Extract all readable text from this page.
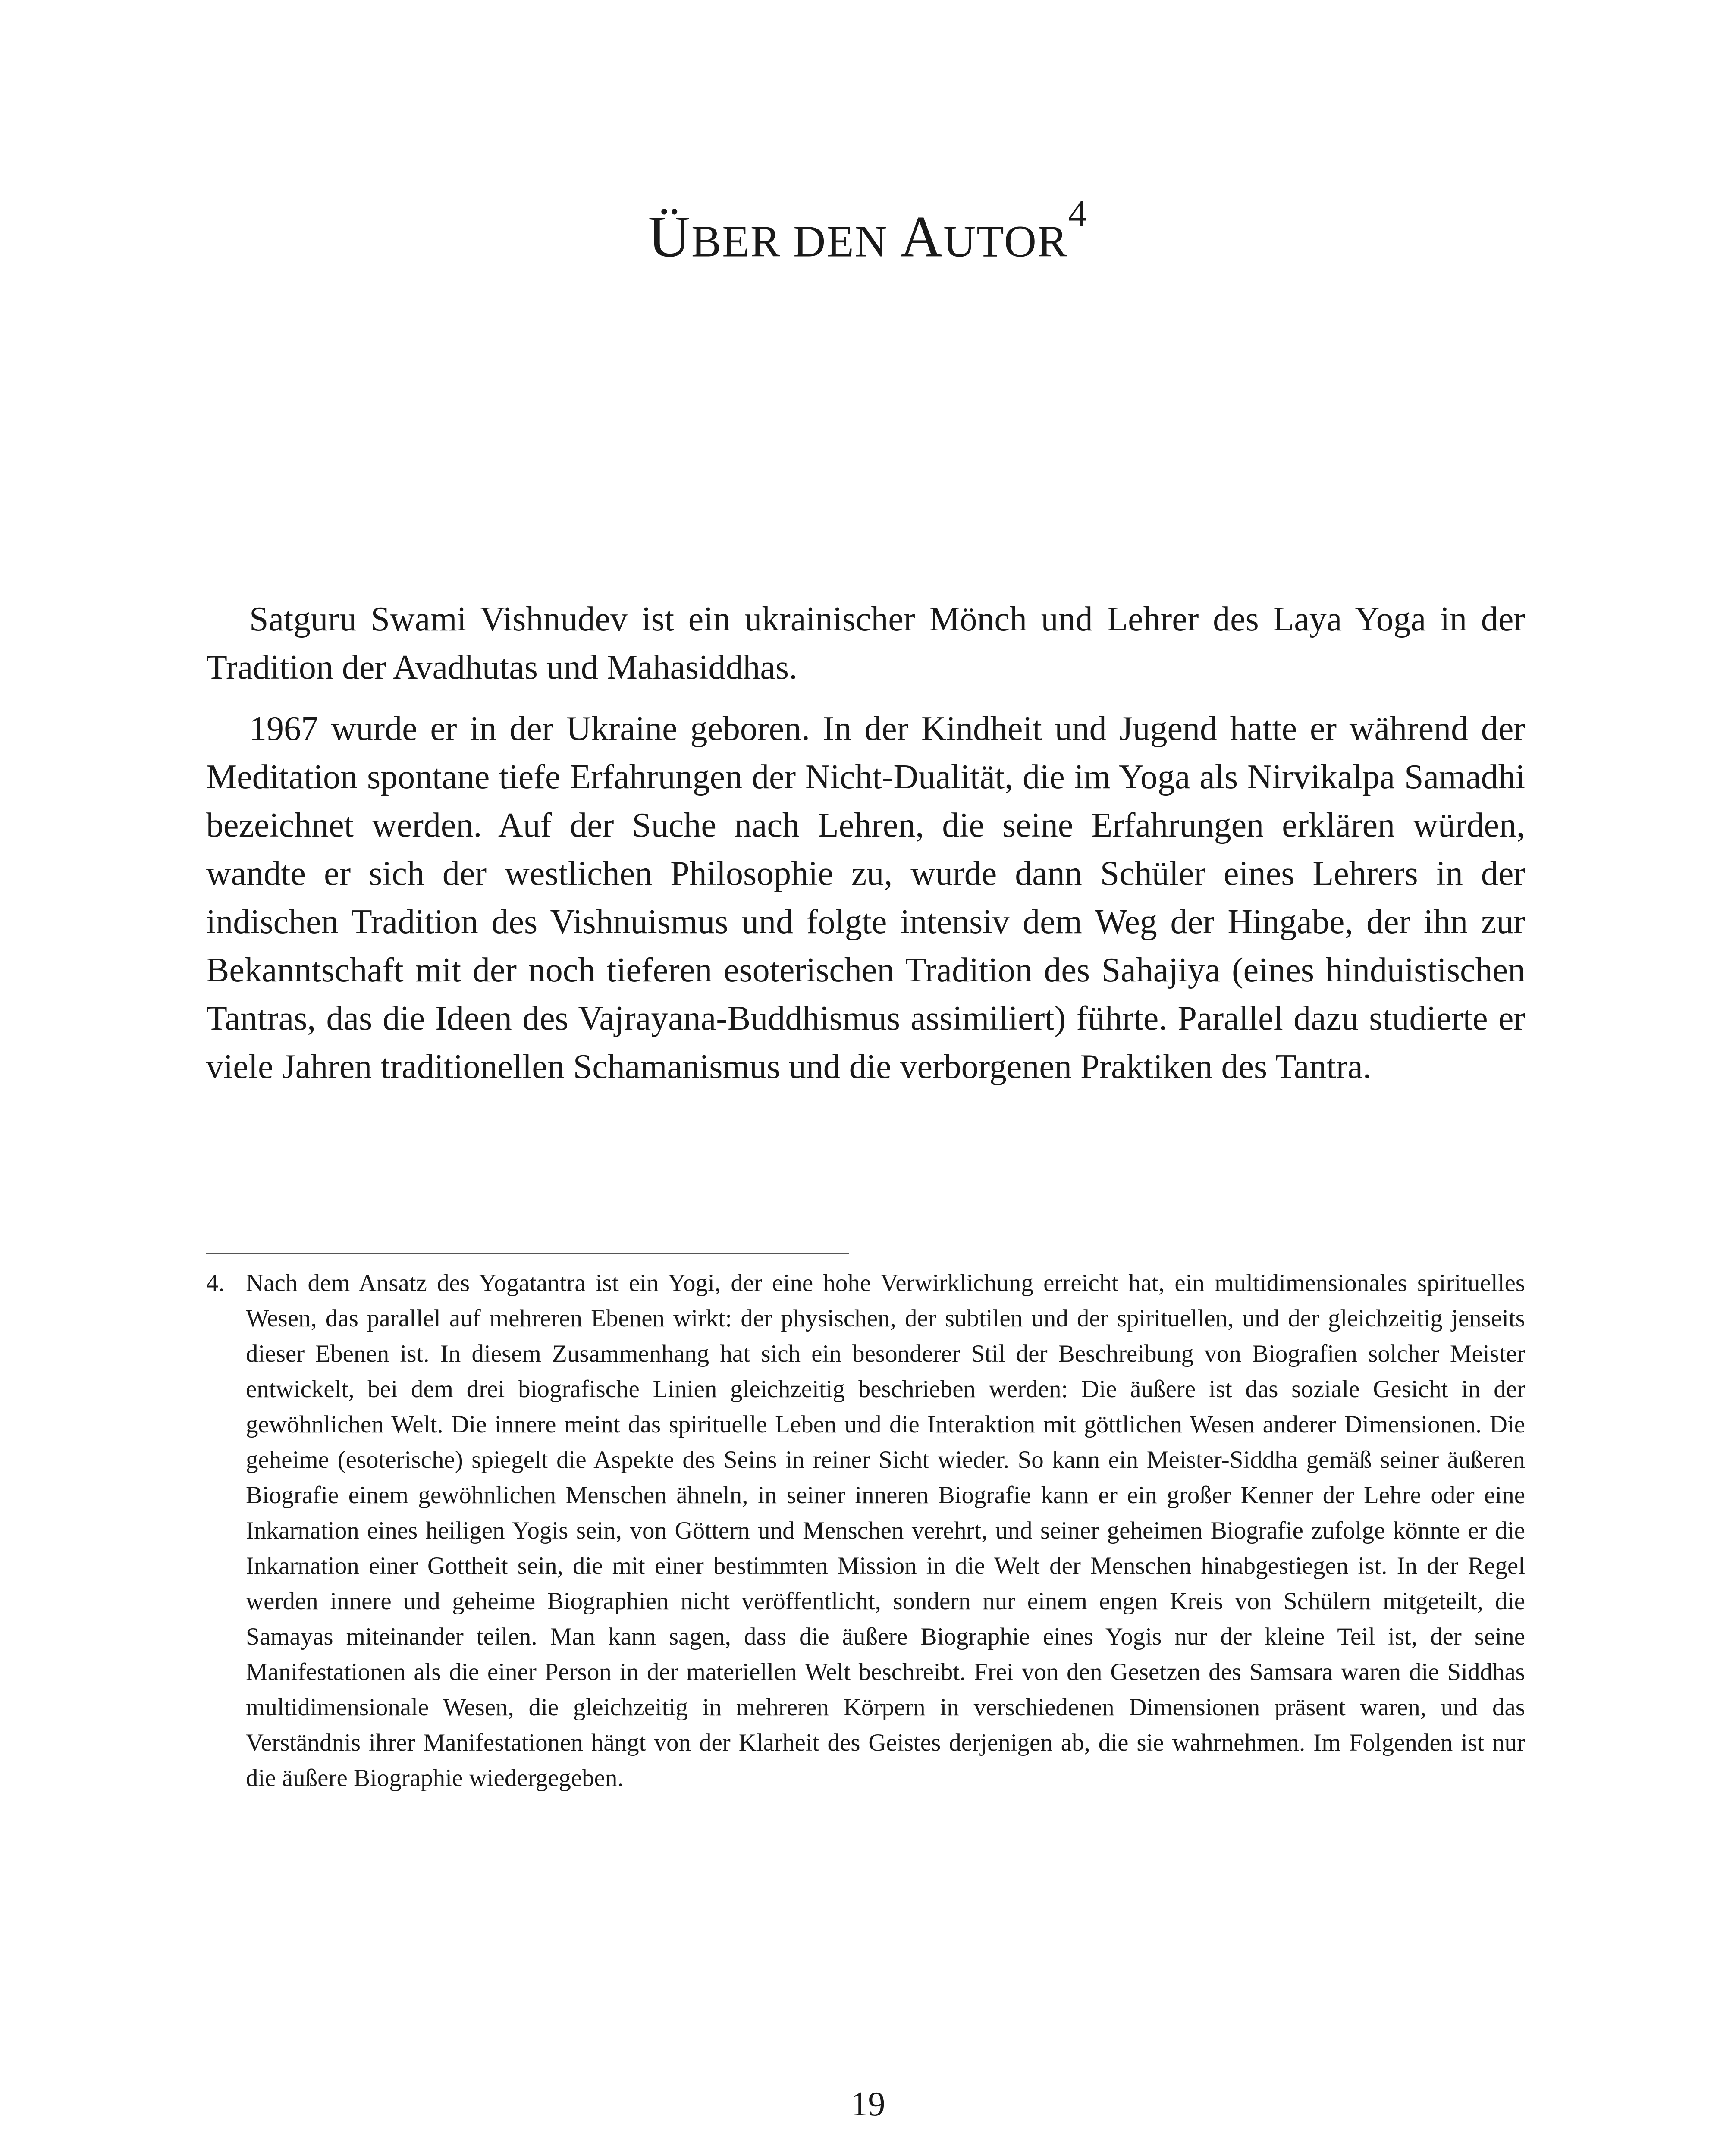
ÜBER DEN AUTOR$^4$

Satguru Swami Vishnudev ist ein ukrainischer Mönch und Lehrer des Laya Yoga in der Tradition der Avadhutas und Mahasiddhas.

1967 wurde er in der Ukraine geboren. In der Kindheit und Jugend hatte er während der Meditation spontane tiefe Erfahrungen der Nicht-Dualität, die im Yoga als Nirvikalpa Samadhi bezeichnet werden. Auf der Suche nach Lehren, die seine Erfahrungen erklären würden, wandte er sich der westlichen Philosophie zu, wurde dann Schüler eines Lehrers in der indischen Tradition des Vishnuismus und folgte intensiv dem Weg der Hingabe, der ihn zur Bekanntschaft mit der noch tieferen esoterischen Tradition des Sahajiya (eines hinduistischen Tantras, das die Ideen des Vajrayana-Buddhismus assimiliert) führte. Parallel dazu studierte er viele Jahren traditionellen Schamanismus und die verborgenen Praktiken des Tantra.

4. Nach dem Ansatz des Yogatantra ist ein Yogi, der eine hohe Verwirklichung erreicht hat, ein multidimensionales spirituelles Wesen, das parallel auf mehreren Ebenen wirkt: der physischen, der subtilen und der spirituellen, und der gleichzeitig jenseits dieser Ebenen ist. In diesem Zusammenhang hat sich ein besonderer Stil der Beschreibung von Biografien solcher Meister entwickelt, bei dem drei biografische Linien gleichzeitig beschrieben werden: Die äußere ist das soziale Gesicht in der gewöhnlichen Welt. Die innere meint das spirituelle Leben und die Interaktion mit göttlichen Wesen anderer Dimensionen. Die geheime (esoterische) spiegelt die Aspekte des Seins in reiner Sicht wieder. So kann ein Meister-Siddha gemäß seiner äußeren Biografie einem gewöhnlichen Menschen ähneln, in seiner inneren Biografie kann er ein großer Kenner der Lehre oder eine Inkarnation eines heiligen Yogis sein, von Göttern und Menschen verehrt, und seiner geheimen Biografie zufolge könnte er die Inkarnation einer Gottheit sein, die mit einer bestimmten Mission in die Welt der Menschen hinabgestiegen ist. In der Regel werden innere und geheime Biographien nicht veröffentlicht, sondern nur einem engen Kreis von Schülern mitgeteilt, die Samayas miteinander teilen. Man kann sagen, dass die äußere Biographie eines Yogis nur der kleine Teil ist, der seine Manifestationen als die einer Person in der materiellen Welt beschreibt. Frei von den Gesetzen des Samsara waren die Siddhas multidimensionale Wesen, die gleichzeitig in mehreren Körpern in verschiedenen Dimensionen präsent waren, und das Verständnis ihrer Manifestationen hängt von der Klarheit des Geistes derjenigen ab, die sie wahrnehmen. Im Folgenden ist nur die äußere Biographie wiedergegeben.
19
